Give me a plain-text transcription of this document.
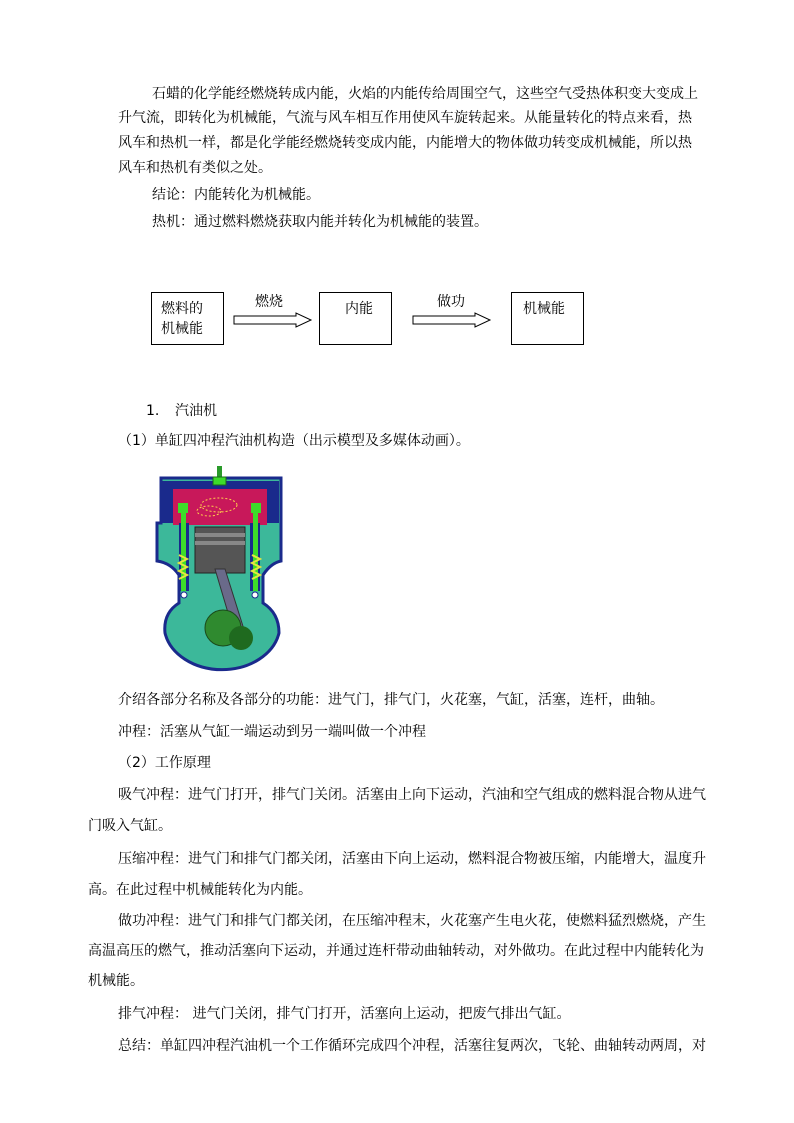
石蜡的化学能经燃烧转成内能，火焰的内能传给周围空气，这些空气受热体积变大变成上
升气流，即转化为机械能，气流与风车相互作用使风车旋转起来。从能量转化的特点来看，热
风车和热机一样，都是化学能经燃烧转变成内能，内能增大的物体做功转变成机械能，所以热
风车和热机有类似之处。
结论：内能转化为机械能。
热机：通过燃料燃烧获取内能并转化为机械能的装置。
燃料的
机械能
燃烧	内能	做功	机械能
1. 汽油机
（1）单缸四冲程汽油机构造（出示模型及多媒体动画）。
介绍各部分名称及各部分的功能：进气门，排气门，火花塞，气缸，活塞，连杆，曲轴。
冲程：活塞从气缸一端运动到另一端叫做一个冲程
（2）工作原理
吸气冲程：进气门打开，排气门关闭。活塞由上向下运动，汽油和空气组成的燃料混合物从进气
门吸入气缸。
压缩冲程：进气门和排气门都关闭，活塞由下向上运动，燃料混合物被压缩，内能增大，温度升
高。在此过程中机械能转化为内能。
做功冲程：进气门和排气门都关闭，在压缩冲程末，火花塞产生电火花，使燃料猛烈燃烧，产生
高温高压的燃气，推动活塞向下运动，并通过连杆带动曲轴转动，对外做功。在此过程中内能转化为
机械能。
排气冲程： 进气门关闭，排气门打开，活塞向上运动，把废气排出气缸。
总结：单缸四冲程汽油机一个工作循环完成四个冲程，活塞往复两次，飞轮、曲轴转动两周，对
